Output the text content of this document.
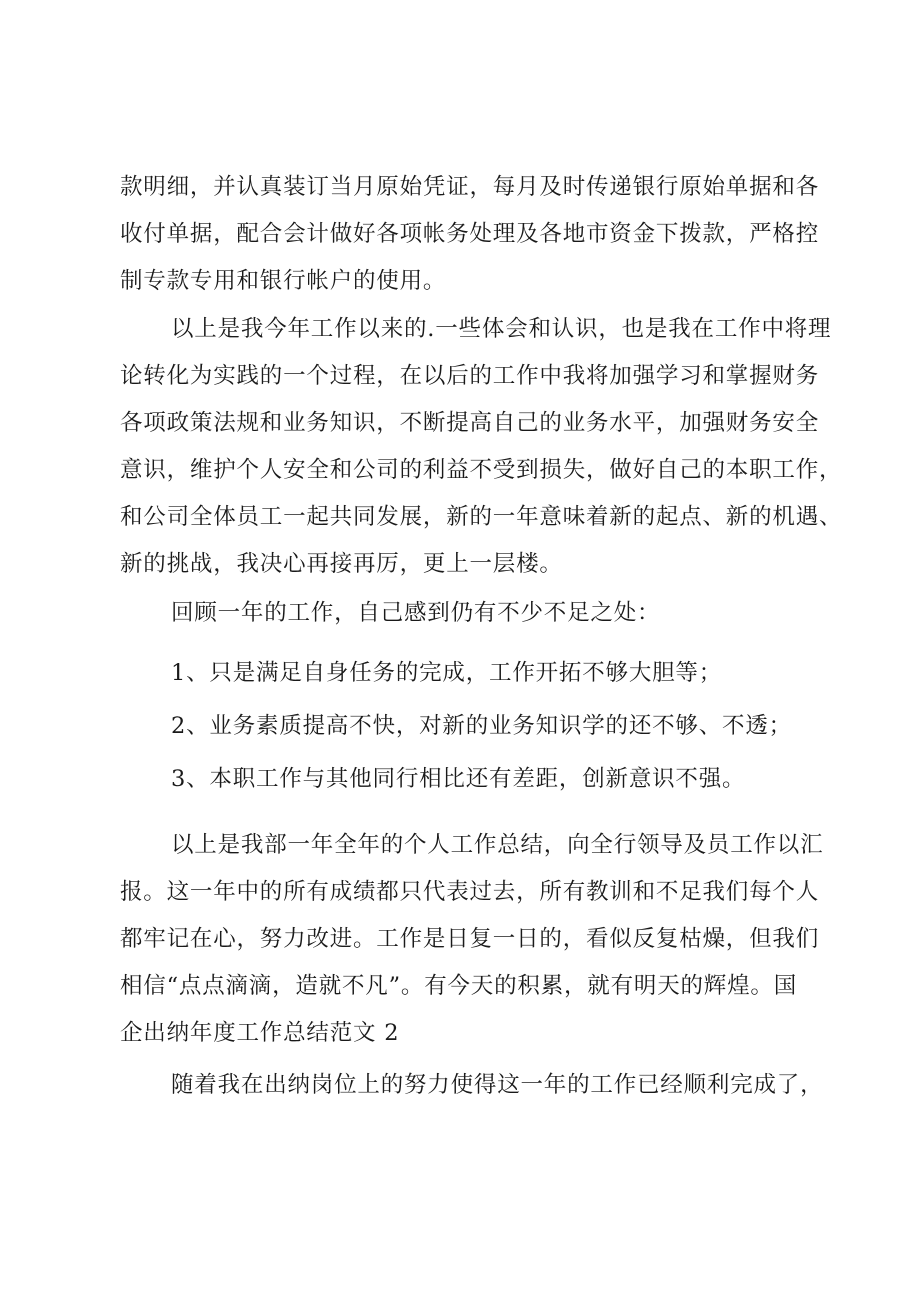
款明细，并认真装订当月原始凭证，每月及时传递银行原始单据和各
收付单据，配合会计做好各项帐务处理及各地市资金下拨款，严格控
制专款专用和银行帐户的使用。
以上是我今年工作以来的.一些体会和认识，也是我在工作中将理
论转化为实践的一个过程，在以后的工作中我将加强学习和掌握财务
各项政策法规和业务知识，不断提高自己的业务水平，加强财务安全
意识，维护个人安全和公司的利益不受到损失，做好自己的本职工作，
和公司全体员工一起共同发展，新的一年意味着新的起点、新的机遇、
新的挑战，我决心再接再厉，更上一层楼。
回顾一年的工作，自己感到仍有不少不足之处：
1、只是满足自身任务的完成，工作开拓不够大胆等；
2、业务素质提高不快，对新的业务知识学的还不够、不透；
3、本职工作与其他同行相比还有差距，创新意识不强。
以上是我部一年全年的个人工作总结，向全行领导及员工作以汇
报。这一年中的所有成绩都只代表过去，所有教训和不足我们每个人
都牢记在心，努力改进。工作是日复一日的，看似反复枯燥，但我们
相信“点点滴滴，造就不凡”。有今天的积累，就有明天的辉煌。国
企出纳年度工作总结范文 2
随着我在出纳岗位上的努力使得这一年的工作已经顺利完成了，
